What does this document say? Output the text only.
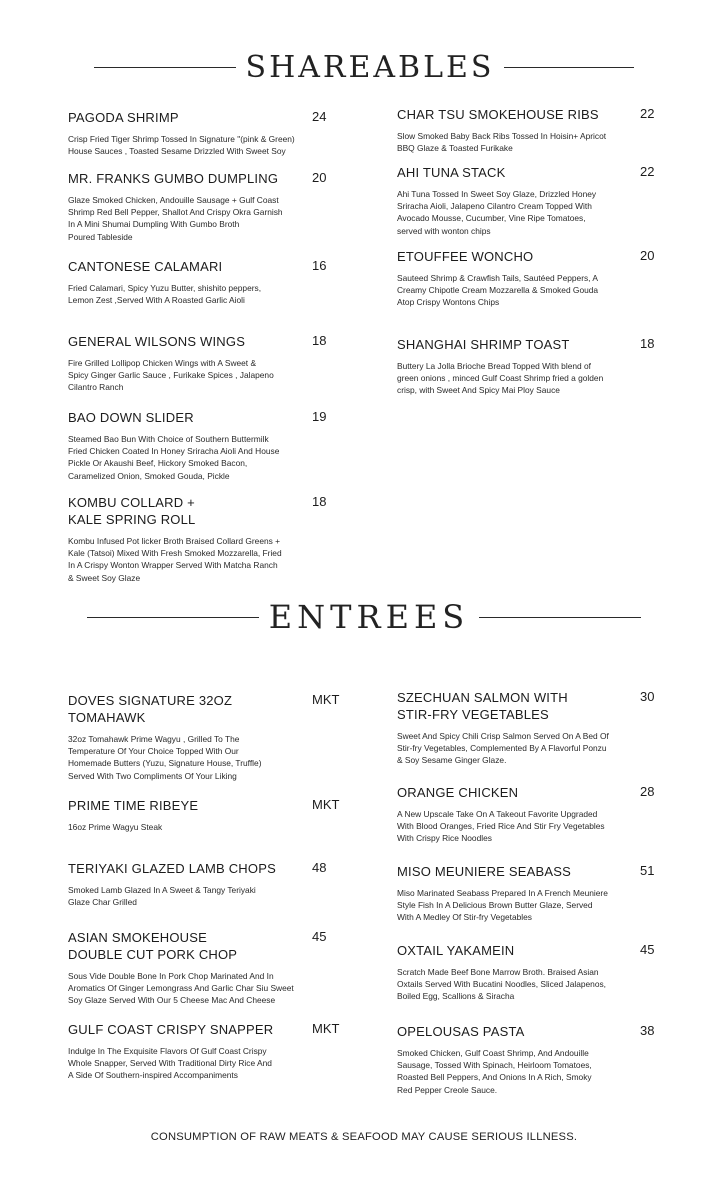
SHAREABLES
PAGODA SHRIMP	24
Crisp Fried Tiger Shrimp Tossed In Signature "(pink & Green)
House Sauces , Toasted Sesame Drizzled With Sweet Soy
MR. FRANKS GUMBO DUMPLING	20
Glaze Smoked Chicken, Andouille Sausage + Gulf Coast
Shrimp Red Bell Pepper, Shallot And Crispy Okra Garnish
In A Mini Shumai Dumpling With Gumbo Broth
Poured Tableside
CANTONESE CALAMARI	16
Fried Calamari, Spicy Yuzu Butter, shishito peppers,
Lemon Zest ,Served With A Roasted Garlic Aioli
GENERAL WILSONS WINGS	18
Fire Grilled Lollipop Chicken Wings with A Sweet &
Spicy Ginger Garlic Sauce , Furikake Spices , Jalapeno
Cilantro Ranch
BAO DOWN SLIDER	19
Steamed Bao Bun With Choice of Southern Buttermilk
Fried Chicken Coated In Honey Sriracha Aioli And House
Pickle Or Akaushi Beef, Hickory Smoked Bacon,
Caramelized Onion, Smoked Gouda, Pickle
KOMBU COLLARD +
KALE SPRING ROLL
18
Kombu Infused Pot licker Broth Braised Collard Greens +
Kale (Tatsoi) Mixed With Fresh Smoked Mozzarella, Fried
In A Crispy Wonton Wrapper Served With Matcha Ranch
& Sweet Soy Glaze
CHAR TSU SMOKEHOUSE RIBS	22
Slow Smoked Baby Back Ribs Tossed In Hoisin+ Apricot
BBQ Glaze & Toasted Furikake
AHI TUNA STACK	22
Ahi Tuna Tossed In Sweet Soy Glaze, Drizzled Honey
Sriracha Aioli, Jalapeno Cilantro Cream Topped With
Avocado Mousse, Cucumber, Vine Ripe Tomatoes,
served with wonton chips
ETOUFFEE WONCHO	20
Sauteed Shrimp & Crawfish Tails, Sautéed Peppers, A
Creamy Chipotle Cream Mozzarella & Smoked Gouda
Atop Crispy Wontons Chips
SHANGHAI SHRIMP TOAST	18
Buttery La Jolla Brioche Bread Topped With blend of
green onions , minced Gulf Coast Shrimp fried a golden
crisp, with Sweet And Spicy Mai Ploy Sauce
ENTREES
DOVES SIGNATURE 32OZ
TOMAHAWK
MKT
32oz Tomahawk Prime Wagyu , Grilled To The
Temperature Of Your Choice Topped With Our
Homemade Butters (Yuzu, Signature House, Truffle)
Served With Two Compliments Of Your Liking
PRIME TIME RIBEYE	MKT
16oz Prime Wagyu Steak
TERIYAKI GLAZED LAMB CHOPS	48
Smoked Lamb Glazed In A Sweet & Tangy Teriyaki
Glaze Char Grilled
ASIAN SMOKEHOUSE
DOUBLE CUT PORK CHOP
45
Sous Vide Double Bone In Pork Chop Marinated And In
Aromatics Of Ginger Lemongrass And Garlic Char Siu Sweet
Soy Glaze Served With Our 5 Cheese Mac And Cheese
GULF COAST CRISPY SNAPPER	MKT
Indulge In The Exquisite Flavors Of Gulf Coast Crispy
Whole Snapper, Served With Traditional Dirty Rice And
A Side Of Southern-inspired Accompaniments
SZECHUAN SALMON WITH
STIR-FRY VEGETABLES
30
Sweet And Spicy Chili Crisp Salmon Served On A Bed Of
Stir-fry Vegetables, Complemented By A Flavorful Ponzu
& Soy Sesame Ginger Glaze.
ORANGE CHICKEN	28
A New Upscale Take On A Takeout Favorite Upgraded
With Blood Oranges, Fried Rice And Stir Fry Vegetables
With Crispy Rice Noodles
MISO MEUNIERE SEABASS	51
Miso Marinated Seabass Prepared In A French Meuniere
Style Fish In A Delicious Brown Butter Glaze, Served
With A Medley Of Stir-fry Vegetables
OXTAIL YAKAMEIN	45
Scratch Made Beef Bone Marrow Broth. Braised Asian
Oxtails Served With Bucatini Noodles, Sliced Jalapenos,
Boiled Egg, Scallions & Siracha
OPELOUSAS PASTA	38
Smoked Chicken, Gulf Coast Shrimp, And Andouille
Sausage, Tossed With Spinach, Heirloom Tomatoes,
Roasted Bell Peppers, And Onions In A Rich, Smoky
Red Pepper Creole Sauce.
CONSUMPTION OF RAW MEATS & SEAFOOD MAY CAUSE SERIOUS ILLNESS.
